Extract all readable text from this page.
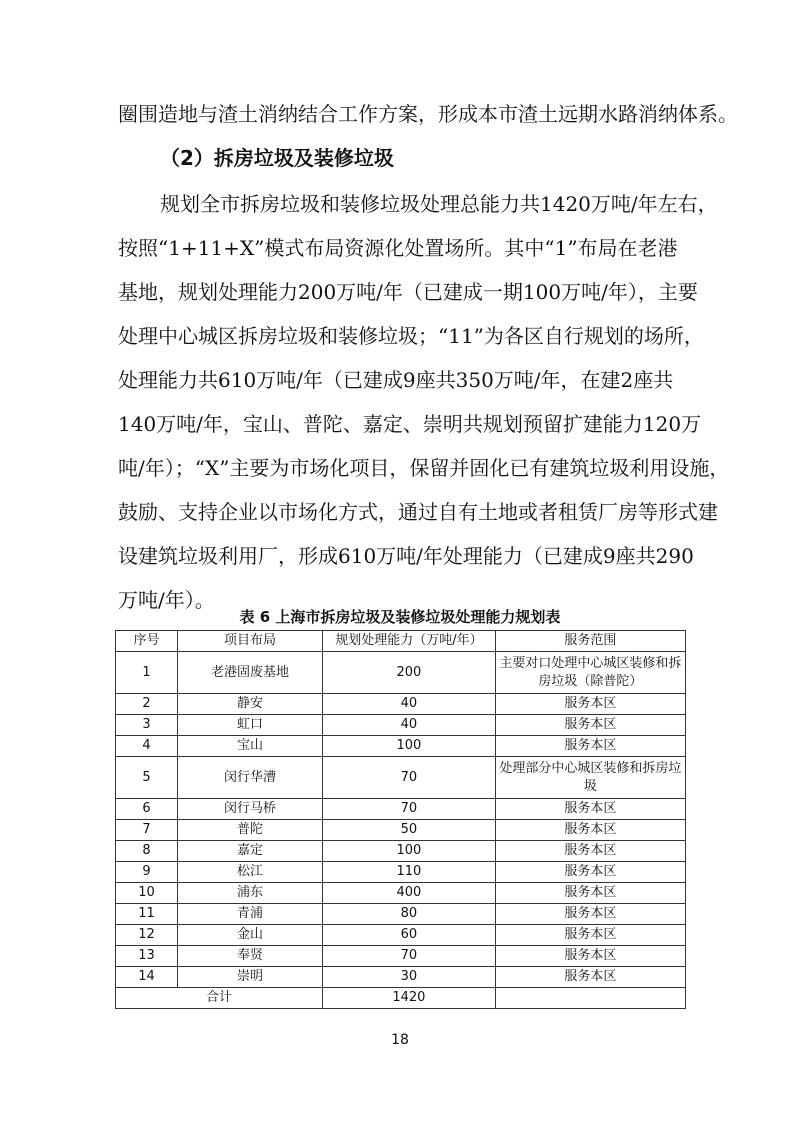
圈围造地与渣土消纳结合工作方案，形成本市渣土远期水路消纳体系。
（2）拆房垃圾及装修垃圾
规划全市拆房垃圾和装修垃圾处理总能力共1420万吨/年左右，
按照“1+11+X”模式布局资源化处置场所。其中“1”布局在老港
基地，规划处理能力200万吨/年（已建成一期100万吨/年），主要
处理中心城区拆房垃圾和装修垃圾；“11”为各区自行规划的场所，
处理能力共610万吨/年（已建成9座共350万吨/年，在建2座共
140万吨/年，宝山、普陀、嘉定、崇明共规划预留扩建能力120万
吨/年）；“X”主要为市场化项目，保留并固化已有建筑垃圾利用设施，
鼓励、支持企业以市场化方式，通过自有土地或者租赁厂房等形式建
设建筑垃圾利用厂，形成610万吨/年处理能力（已建成9座共290
万吨/年）。
表 6 上海市拆房垃圾及装修垃圾处理能力规划表
序号	项目布局	规划处理能力（万吨/年）	服务范围
1	老港固废基地	200	主要对口处理中心城区装修和拆房垃圾（除普陀）
2	静安	40	服务本区
3	虹口	40	服务本区
4	宝山	100	服务本区
5	闵行华漕	70	处理部分中心城区装修和拆房垃圾
6	闵行马桥	70	服务本区
7	普陀	50	服务本区
8	嘉定	100	服务本区
9	松江	110	服务本区
10	浦东	400	服务本区
11	青浦	80	服务本区
12	金山	60	服务本区
13	奉贤	70	服务本区
14	崇明	30	服务本区
合计		1420	
18
